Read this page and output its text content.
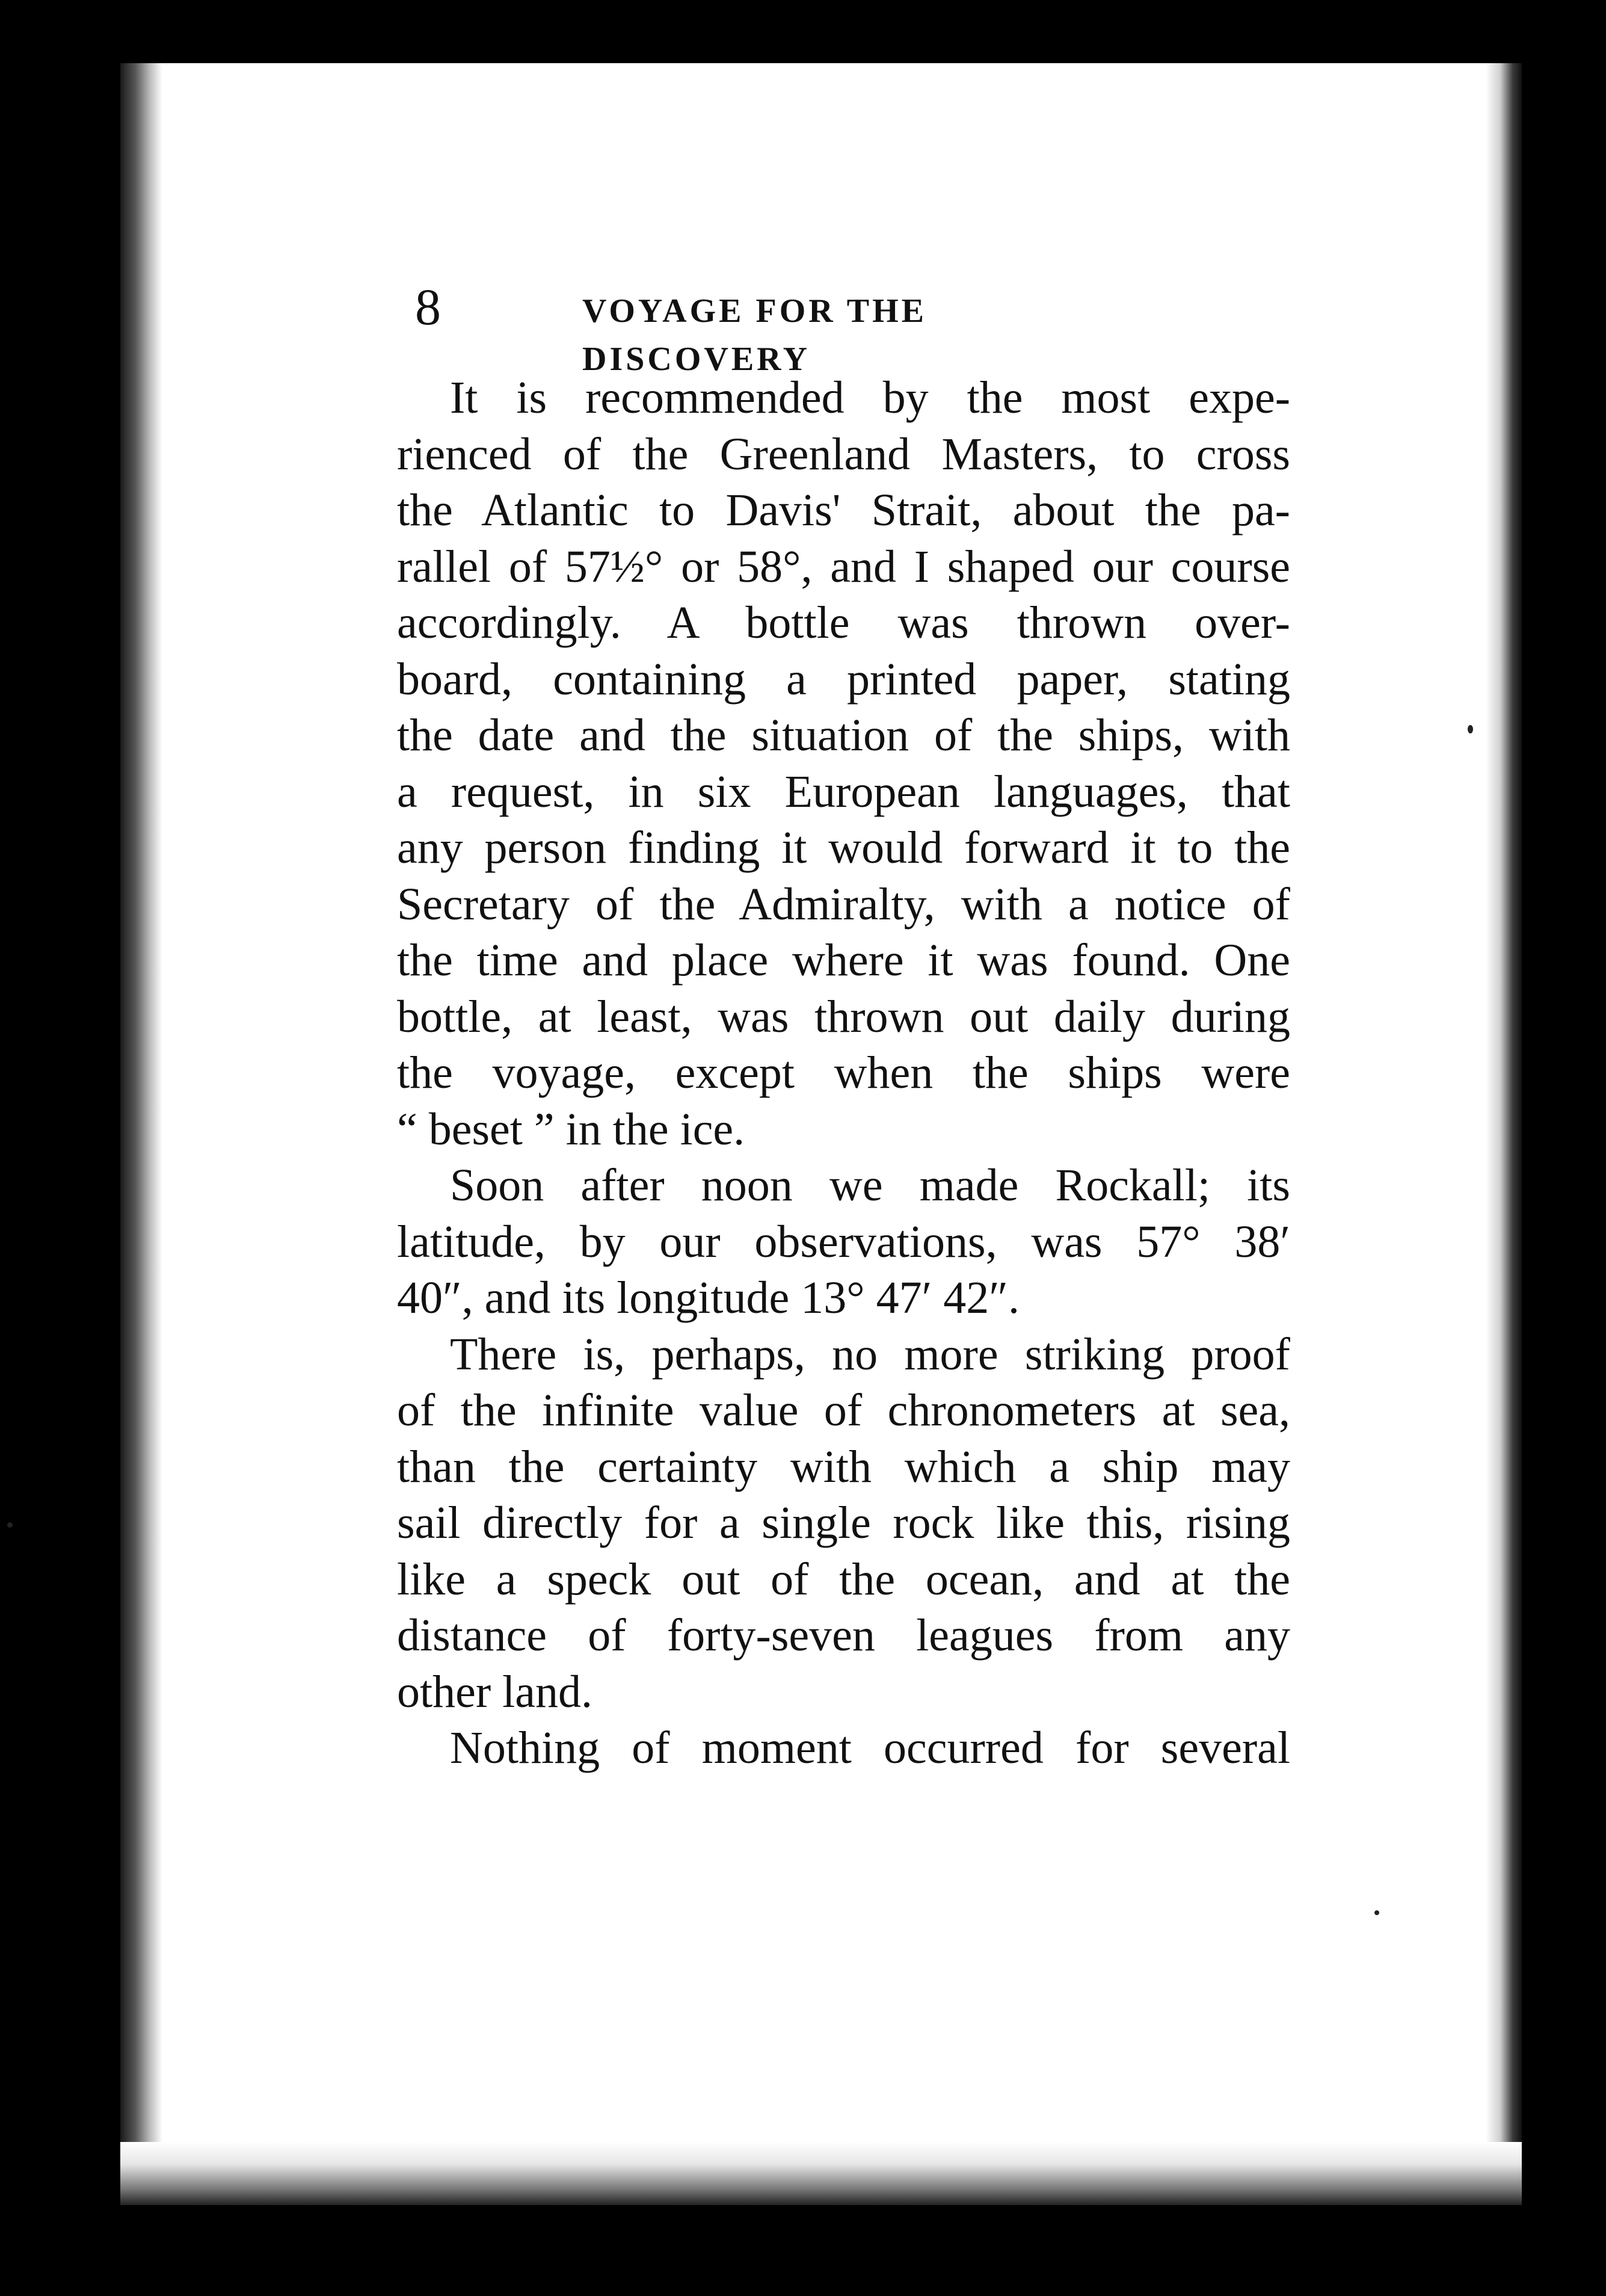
8	VOYAGE FOR THE DISCOVERY
It is recommended by the most expe-
rienced of the Greenland Masters, to cross
the Atlantic to Davis' Strait, about the pa-
rallel of 57½° or 58°, and I shaped our course
accordingly. A bottle was thrown over-
board, containing a printed paper, stating
the date and the situation of the ships, with
a request, in six European languages, that
any person finding it would forward it to the
Secretary of the Admiralty, with a notice of
the time and place where it was found. One
bottle, at least, was thrown out daily during
the voyage, except when the ships were
“ beset ” in the ice.
Soon after noon we made Rockall; its
latitude, by our observations, was 57° 38′
40″, and its longitude 13° 47′ 42″.
There is, perhaps, no more striking proof
of the infinite value of chronometers at sea,
than the certainty with which a ship may
sail directly for a single rock like this, rising
like a speck out of the ocean, and at the
distance of forty-seven leagues from any
other land.
Nothing of moment occurred for several
